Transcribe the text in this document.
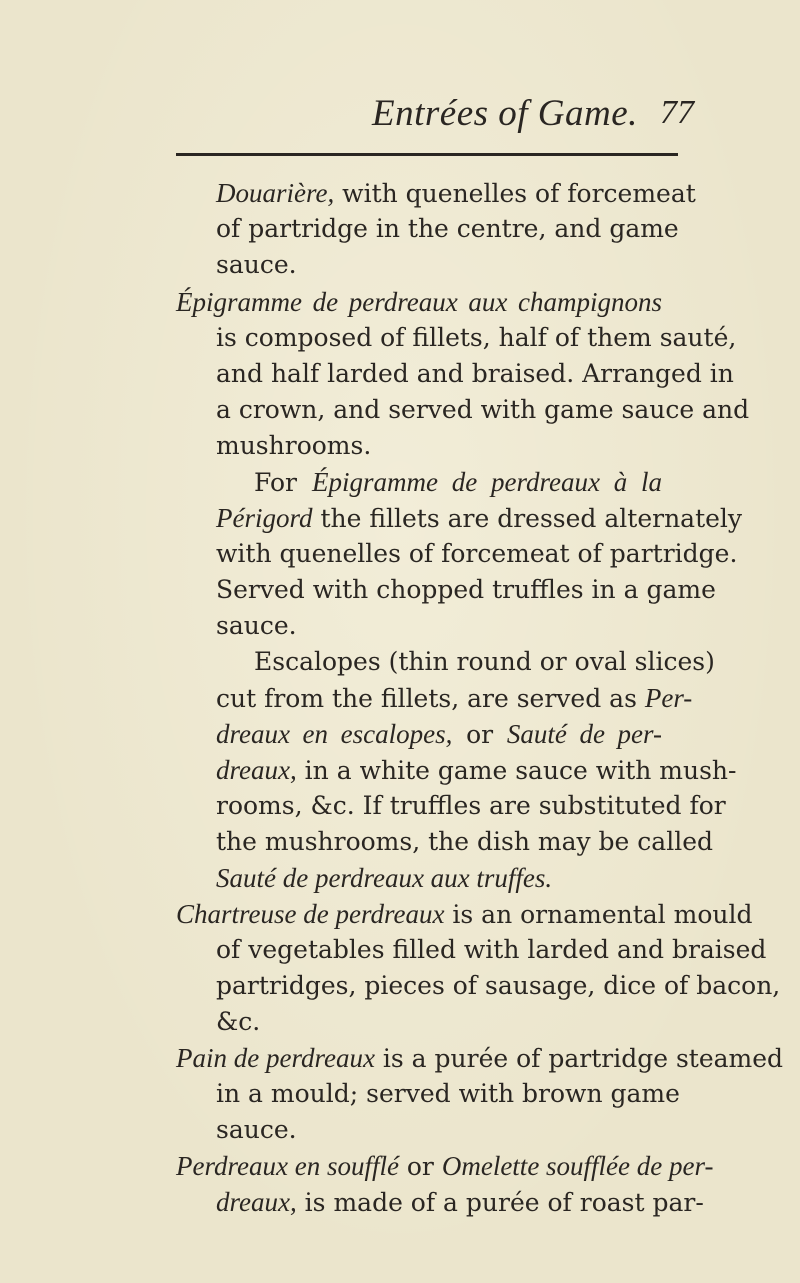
Entrées of Game. 77
Douarière, with quenelles of forcemeat
of partridge in the centre, and game
sauce.
Épigramme de perdreaux aux champignons
is composed of fillets, half of them sauté,
and half larded and braised. Arranged in
a crown, and served with game sauce and
mushrooms.
For Épigramme de perdreaux à la
Périgord the fillets are dressed alternately
with quenelles of forcemeat of partridge.
Served with chopped truffles in a game
sauce.
Escalopes (thin round or oval slices)
cut from the fillets, are served as Per-
dreaux en escalopes, or Sauté de per-
dreaux, in a white game sauce with mush-
rooms, &c. If truffles are substituted for
the mushrooms, the dish may be called
Sauté de perdreaux aux truffes.
Chartreuse de perdreaux is an ornamental mould
of vegetables filled with larded and braised
partridges, pieces of sausage, dice of bacon,
&c.
Pain de perdreaux is a purée of partridge steamed
in a mould; served with brown game
sauce.
Perdreaux en soufflé or Omelette soufflée de per-
dreaux, is made of a purée of roast par-
